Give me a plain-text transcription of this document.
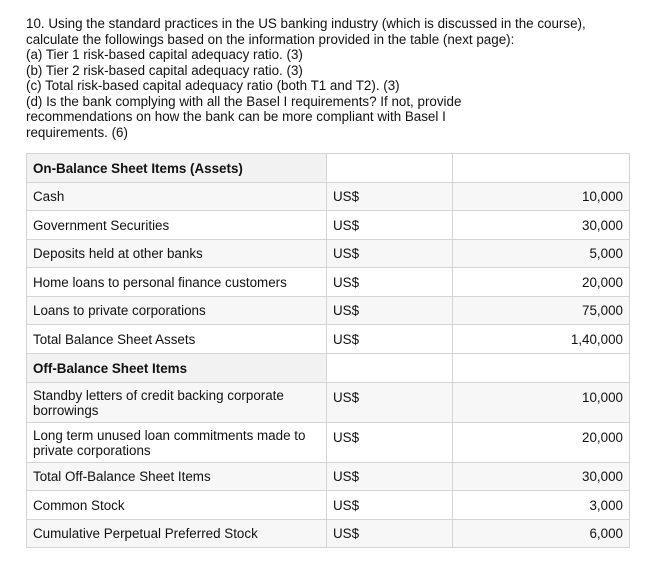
10. Using the standard practices in the US banking industry (which is discussed in the course),

calculate the followings based on the information provided in the table (next page):

(a) Tier 1 risk-based capital adequacy ratio. (3)

(b) Tier 2 risk-based capital adequacy ratio. (3)

(c) Total risk-based capital adequacy ratio (both T1 and T2). (3)

(d) Is the bank complying with all the Basel I requirements? If not, provide

recommendations on how the bank can be more compliant with Basel I

requirements. (6)

On-Balance Sheet Items (Assets)		
Cash	US$	10,000
Government Securities	US$	30,000
Deposits held at other banks	US$	5,000
Home loans to personal finance customers	US$	20,000
Loans to private corporations	US$	75,000
Total Balance Sheet Assets	US$	1,40,000
Off-Balance Sheet Items		
Standby letters of credit backing corporate borrowings	US$	10,000
Long term unused loan commitments made to private corporations	US$	20,000
Total Off-Balance Sheet Items	US$	30,000
Common Stock	US$	3,000
Cumulative Perpetual Preferred Stock	US$	6,000
